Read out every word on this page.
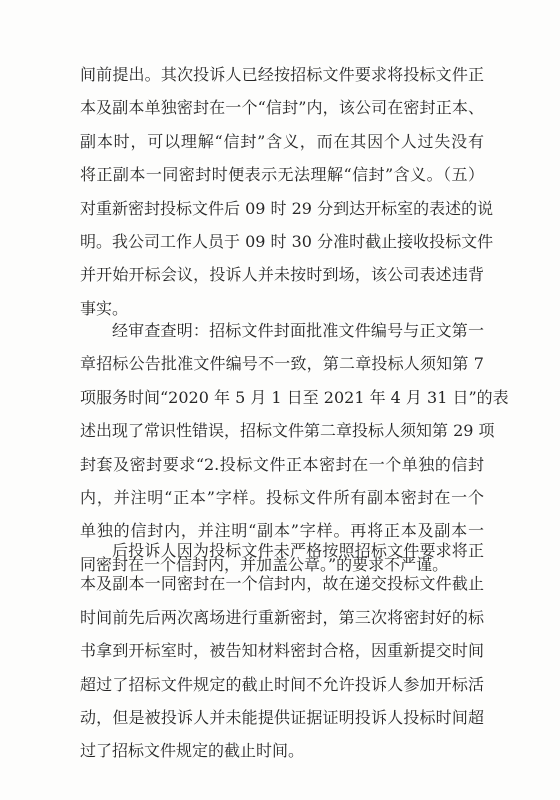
间前提出。其次投诉人已经按招标文件要求将投标文件正
本及副本单独密封在一个“信封”内，该公司在密封正本、
副本时，可以理解“信封”含义，而在其因个人过失没有
将正副本一同密封时便表示无法理解“信封”含义。（五）
对重新密封投标文件后 09 时 29 分到达开标室的表述的说
明。我公司工作人员于 09 时 30 分准时截止接收投标文件
并开始开标会议，投诉人并未按时到场，该公司表述违背
事实。
经审查查明：招标文件封面批准文件编号与正文第一
章招标公告批准文件编号不一致，第二章投标人须知第 7
项服务时间“2020 年 5 月 1 日至 2021 年 4 月 31 日”的表
述出现了常识性错误，招标文件第二章投标人须知第 29 项
封套及密封要求“2.投标文件正本密封在一个单独的信封
内，并注明“正本”字样。投标文件所有副本密封在一个
单独的信封内，并注明“副本”字样。再将正本及副本一
同密封在一个信封内，并加盖公章。”的要求不严谨。
后投诉人因为投标文件未严格按照招标文件要求将正
本及副本一同密封在一个信封内，故在递交投标文件截止
时间前先后两次离场进行重新密封，第三次将密封好的标
书拿到开标室时，被告知材料密封合格，因重新提交时间
超过了招标文件规定的截止时间不允许投诉人参加开标活
动，但是被投诉人并未能提供证据证明投诉人投标时间超
过了招标文件规定的截止时间。
